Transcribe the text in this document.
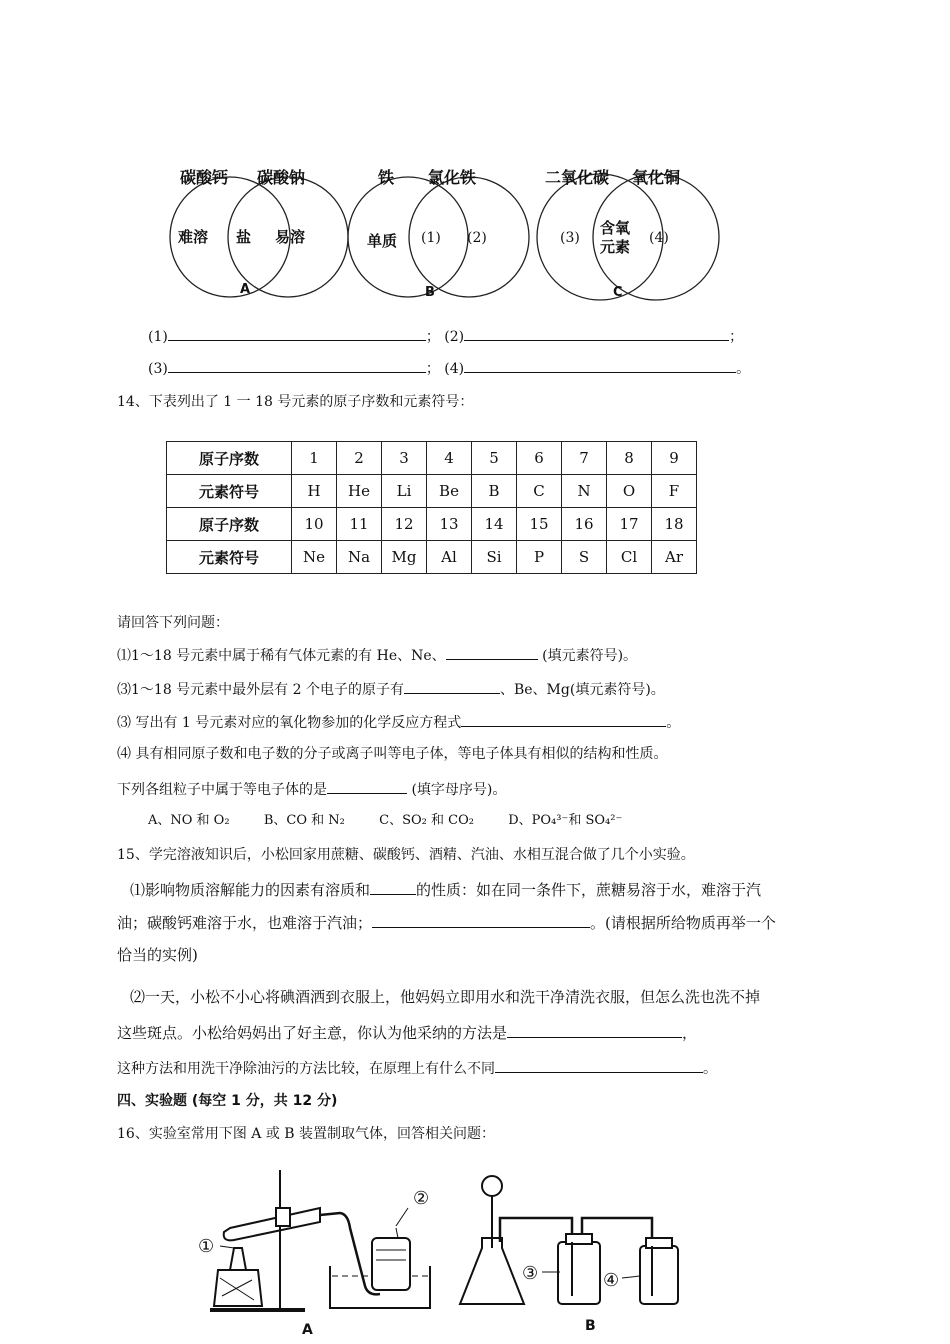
碳酸钙 碳酸钠
难溶 盐 易溶
A
铁 氯化铁
单质 (1) (2)
B
二氧化碳 氧化铜
(3)
含氧
元素 (4)
C
(1)	； (2)	；
(3)	； (4)	。
14、下表列出了 1 一 18 号元素的原子序数和元素符号：
原子序数	1	2	3	4	5	6	7	8	9
元素符号	H	He	Li	Be	B	C	N	O	F
原子序数	10	11	12	13	14	15	16	17	18
元素符号	Ne	Na	Mg	Al	Si	P	S	Cl	Ar
请回答下列问题：
⑴1～18 号元素中属于稀有气体元素的有 He、Ne、	(填元素符号)。
⑶1～18 号元素中最外层有 2 个电子的原子有	、Be、Mg(填元素符号)。
⑶ 写出有 1 号元素对应的氧化物参加的化学反应方程式	。
⑷ 具有相同原子数和电子数的分子或离子叫等电子体，等电子体具有相似的结构和性质。
下列各组粒子中属于等电子体的是	(填字母序号)。
A、NO 和 O₂	B、CO 和 N₂	C、SO₂ 和 CO₂	D、PO₄³⁻和 SO₄²⁻
15、学完溶液知识后，小松回家用蔗糖、碳酸钙、酒精、汽油、水相互混合做了几个小实验。
⑴影响物质溶解能力的因素有溶质和	的性质：如在同一条件下，蔗糖易溶于水，难溶于汽
油；碳酸钙难溶于水，也难溶于汽油；	。(请根据所给物质再举一个
恰当的实例)
⑵一天，小松不小心将碘酒洒到衣服上，他妈妈立即用水和洗干净清洗衣服，但怎么洗也洗不掉
这些斑点。小松给妈妈出了好主意，你认为他采纳的方法是	，
这种方法和用洗干净除油污的方法比较，在原理上有什么不同	。
四、实验题 (每空 1 分，共 12 分)
16、实验室常用下图 A 或 B 装置制取气体，回答相关问题：
①
②
③	④
A	B
